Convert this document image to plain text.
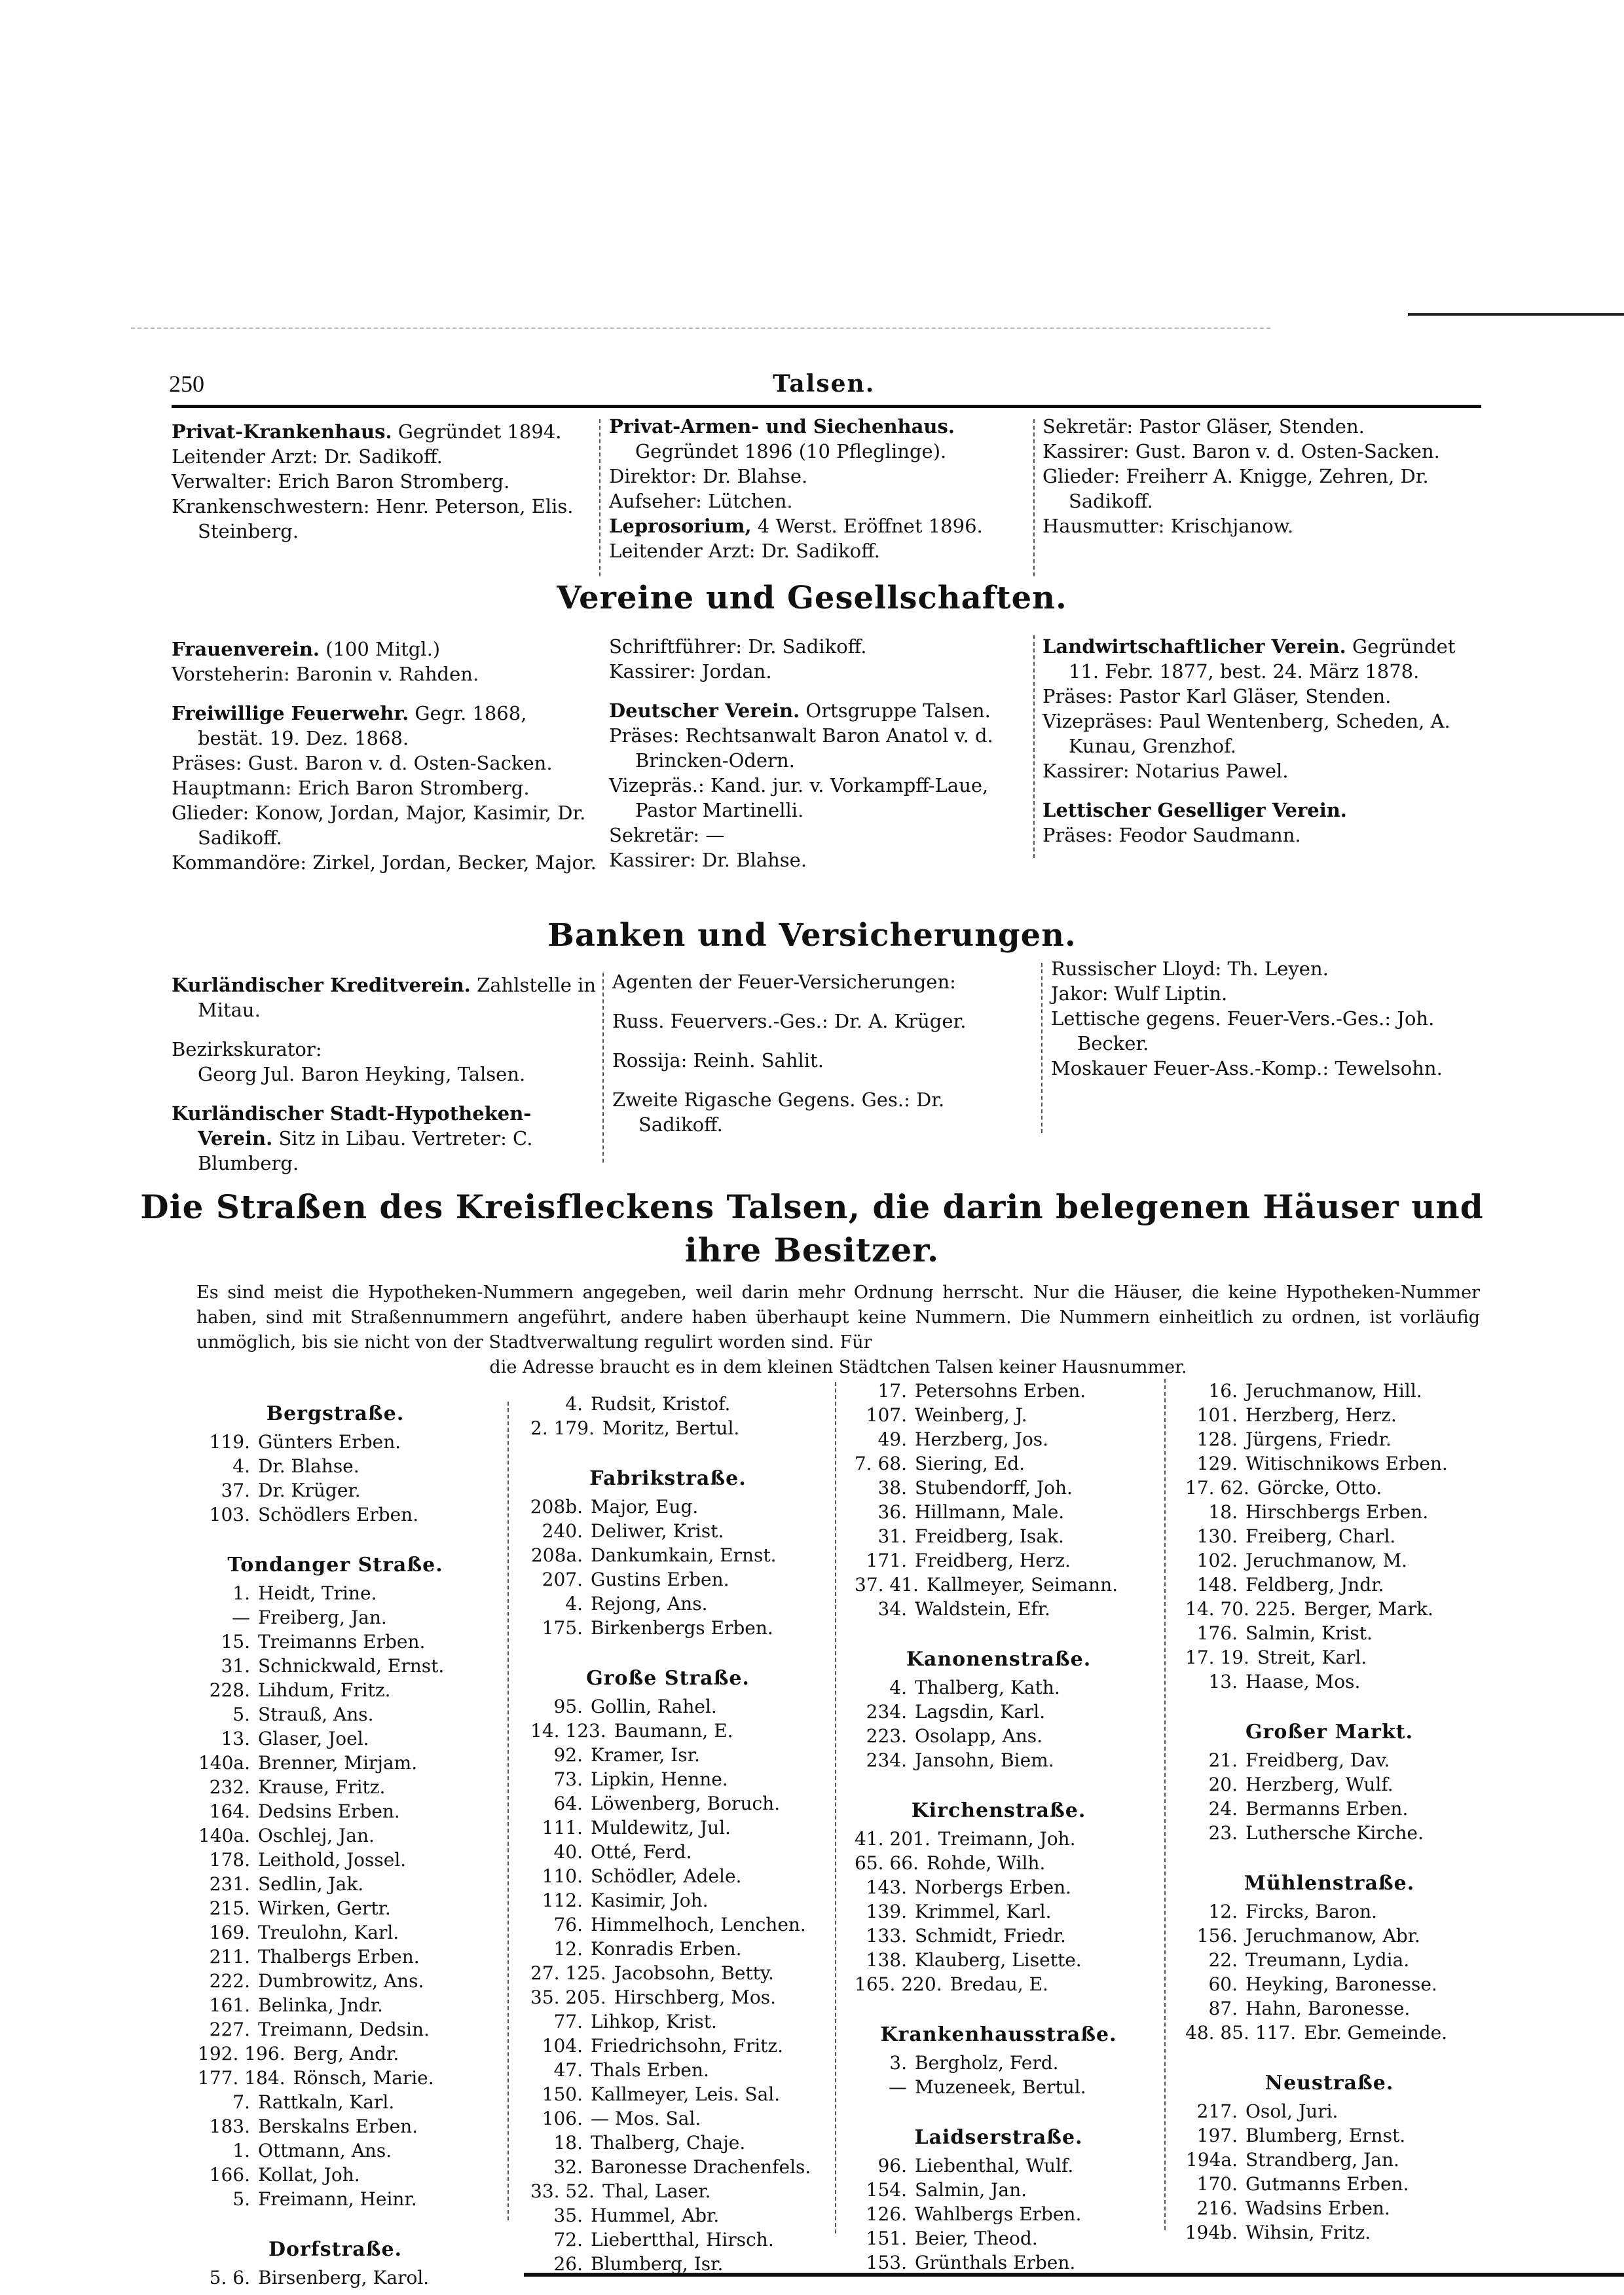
250	Talsen.

Privat-Krankenhaus. Gegründet 1894.

Leitender Arzt: Dr. Sadikoff.

Verwalter: Erich Baron Stromberg.

Krankenschwestern: Henr. Peterson, Elis. Steinberg.

Privat-Armen- und Siechenhaus. Gegründet 1896 (10 Pfleglinge).

Direktor: Dr. Blahse.

Aufseher: Lütchen.

Leprosorium, 4 Werst. Eröffnet 1896.

Leitender Arzt: Dr. Sadikoff.

Sekretär: Pastor Gläser, Stenden.

Kassirer: Gust. Baron v. d. Osten-Sacken.

Glieder: Freiherr A. Knigge, Zehren, Dr. Sadikoff.

Hausmutter: Krischjanow.

Vereine und Gesellschaften.

Frauenverein. (100 Mitgl.)

Vorsteherin: Baronin v. Rahden.

Freiwillige Feuerwehr. Gegr. 1868, bestät. 19. Dez. 1868.

Präses: Gust. Baron v. d. Osten-Sacken.

Hauptmann: Erich Baron Stromberg.

Glieder: Konow, Jordan, Major, Kasimir, Dr. Sadikoff.

Kommandöre: Zirkel, Jordan, Becker, Major.

Schriftführer: Dr. Sadikoff.

Kassirer: Jordan.

Deutscher Verein. Ortsgruppe Talsen.

Präses: Rechtsanwalt Baron Anatol v. d. Brincken-Odern.

Vizepräs.: Kand. jur. v. Vorkampff-Laue, Pastor Martinelli.

Sekretär: —

Kassirer: Dr. Blahse.

Landwirtschaftlicher Verein. Gegründet 11. Febr. 1877, best. 24. März 1878.

Präses: Pastor Karl Gläser, Stenden.

Vizepräses: Paul Wentenberg, Scheden, A. Kunau, Grenzhof.

Kassirer: Notarius Pawel.

Lettischer Geselliger Verein.

Präses: Feodor Saudmann.

Banken und Versicherungen.

Kurländischer Kreditverein. Zahlstelle in Mitau.

Bezirkskurator:

Georg Jul. Baron Heyking, Talsen.

Kurländischer Stadt-Hypotheken-Verein. Sitz in Libau. Vertreter: C. Blumberg.

Agenten der Feuer-Versicherungen:

Russ. Feuervers.-Ges.: Dr. A. Krüger.

Rossija: Reinh. Sahlit.

Zweite Rigasche Gegens. Ges.: Dr. Sadikoff.

Russischer Lloyd: Th. Leyen.

Jakor: Wulf Liptin.

Lettische gegens. Feuer-Vers.-Ges.: Joh. Becker.

Moskauer Feuer-Ass.-Komp.: Tewelsohn.

Die Straßen des Kreisfleckens Talsen, die darin belegenen Häuser und
ihre Besitzer.
Es sind meist die Hypotheken-Nummern angegeben, weil darin mehr Ordnung herrscht. Nur die Häuser, die keine Hypotheken-Nummer haben, sind mit Straßennummern angeführt, andere haben überhaupt keine Nummern. Die Nummern einheitlich zu ordnen, ist vorläufig unmöglich, bis sie nicht von der Stadtverwaltung regulirt worden sind. Für
die Adresse braucht es in dem kleinen Städtchen Talsen keiner Hausnummer.
Bergstraße.
119. Günters Erben.
4. Dr. Blahse.
37. Dr. Krüger.
103. Schödlers Erben.
Tondanger Straße.
1. Heidt, Trine.
— Freiberg, Jan.
15. Treimanns Erben.
31. Schnickwald, Ernst.
228. Lihdum, Fritz.
5. Strauß, Ans.
13. Glaser, Joel.
140a. Brenner, Mirjam.
232. Krause, Fritz.
164. Dedsins Erben.
140a. Oschlej, Jan.
178. Leithold, Jossel.
231. Sedlin, Jak.
215. Wirken, Gertr.
169. Treulohn, Karl.
211. Thalbergs Erben.
222. Dumbrowitz, Ans.
161. Belinka, Jndr.
227. Treimann, Dedsin.
192. 196. Berg, Andr.
177. 184. Rönsch, Marie.
7. Rattkaln, Karl.
183. Berskalns Erben.
1. Ottmann, Ans.
166. Kollat, Joh.
5. Freimann, Heinr.
Dorfstraße.
5. 6. Birsenberg, Karol.
4. Rudsit, Kristof.
2. 179. Moritz, Bertul.
Fabrikstraße.
208b. Major, Eug.
240. Deliwer, Krist.
208a. Dankumkain, Ernst.
207. Gustins Erben.
4. Rejong, Ans.
175. Birkenbergs Erben.
Große Straße.
95. Gollin, Rahel.
14. 123. Baumann, E.
92. Kramer, Isr.
73. Lipkin, Henne.
64. Löwenberg, Boruch.
111. Muldewitz, Jul.
40. Otté, Ferd.
110. Schödler, Adele.
112. Kasimir, Joh.
76. Himmelhoch, Lenchen.
12. Konradis Erben.
27. 125. Jacobsohn, Betty.
35. 205. Hirschberg, Mos.
77. Lihkop, Krist.
104. Friedrichsohn, Fritz.
47. Thals Erben.
150. Kallmeyer, Leis. Sal.
106. — Mos. Sal.
18. Thalberg, Chaje.
32. Baronesse Drachenfels.
33. 52. Thal, Laser.
35. Hummel, Abr.
72. Liebertthal, Hirsch.
26. Blumberg, Isr.
17. Petersohns Erben.
107. Weinberg, J.
49. Herzberg, Jos.
7. 68. Siering, Ed.
38. Stubendorff, Joh.
36. Hillmann, Male.
31. Freidberg, Isak.
171. Freidberg, Herz.
37. 41. Kallmeyer, Seimann.
34. Waldstein, Efr.
Kanonenstraße.
4. Thalberg, Kath.
234. Lagsdin, Karl.
223. Osolapp, Ans.
234. Jansohn, Biem.
Kirchenstraße.
41. 201. Treimann, Joh.
65. 66. Rohde, Wilh.
143. Norbergs Erben.
139. Krimmel, Karl.
133. Schmidt, Friedr.
138. Klauberg, Lisette.
165. 220. Bredau, E.
Krankenhausstraße.
3. Bergholz, Ferd.
— Muzeneek, Bertul.
Laidserstraße.
96. Liebenthal, Wulf.
154. Salmin, Jan.
126. Wahlbergs Erben.
151. Beier, Theod.
153. Grünthals Erben.
16. Jeruchmanow, Hill.
101. Herzberg, Herz.
128. Jürgens, Friedr.
129. Witischnikows Erben.
17. 62. Görcke, Otto.
18. Hirschbergs Erben.
130. Freiberg, Charl.
102. Jeruchmanow, M.
148. Feldberg, Jndr.
14. 70. 225. Berger, Mark.
176. Salmin, Krist.
17. 19. Streit, Karl.
13. Haase, Mos.
Großer Markt.
21. Freidberg, Dav.
20. Herzberg, Wulf.
24. Bermanns Erben.
23. Luthersche Kirche.
Mühlenstraße.
12. Fircks, Baron.
156. Jeruchmanow, Abr.
22. Treumann, Lydia.
60. Heyking, Baronesse.
87. Hahn, Baronesse.
48. 85. 117. Ebr. Gemeinde.
Neustraße.
217. Osol, Juri.
197. Blumberg, Ernst.
194a. Strandberg, Jan.
170. Gutmanns Erben.
216. Wadsins Erben.
194b. Wihsin, Fritz.
